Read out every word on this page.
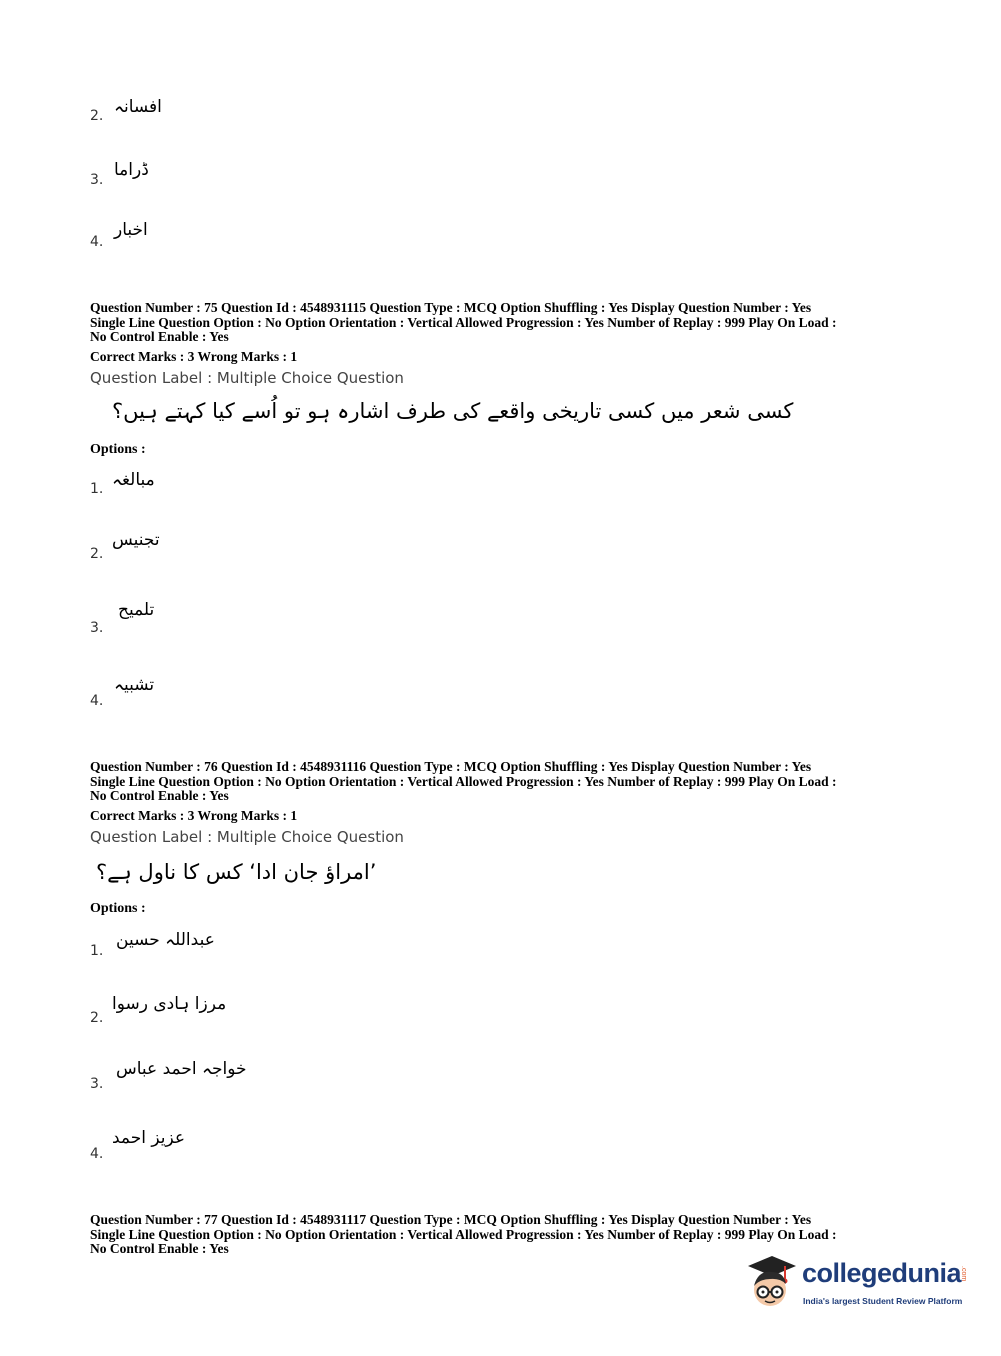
2. افسانہ
3. ڈراما
4.
اخبار
Question Number : 75 Question Id : 4548931115 Question Type : MCQ Option Shuffling : Yes Display Question Number : Yes
Single Line Question Option : No Option Orientation : Vertical Allowed Progression : Yes Number of Replay : 999 Play On Load :
No Control Enable : Yes
Correct Marks : 3 Wrong Marks : 1
Question Label : Multiple Choice Question
کسی شعر میں کسی تاریخی واقعے کی طرف اشارہ ہو تو اُسے کیا کہتے ہیں؟
Options :
1. مبالغہ
2.
تجنیس
3.
تلمیح
4.
تشبیہ
Question Number : 76 Question Id : 4548931116 Question Type : MCQ Option Shuffling : Yes Display Question Number : Yes
Single Line Question Option : No Option Orientation : Vertical Allowed Progression : Yes Number of Replay : 999 Play On Load :
No Control Enable : Yes
Correct Marks : 3 Wrong Marks : 1
Question Label : Multiple Choice Question
’امراؤ جان ادا‘ کس کا ناول ہے؟
Options :
1.
عبداللہ حسین
2.
مرزا ہادی رسوا
3.
خواجہ احمد عباس
4.
عزیز احمد
Question Number : 77 Question Id : 4548931117 Question Type : MCQ Option Shuffling : Yes Display Question Number : Yes
Single Line Question Option : No Option Orientation : Vertical Allowed Progression : Yes Number of Replay : 999 Play On Load :
No Control Enable : Yes
collegedunia
.com
India's largest Student Review Platform
